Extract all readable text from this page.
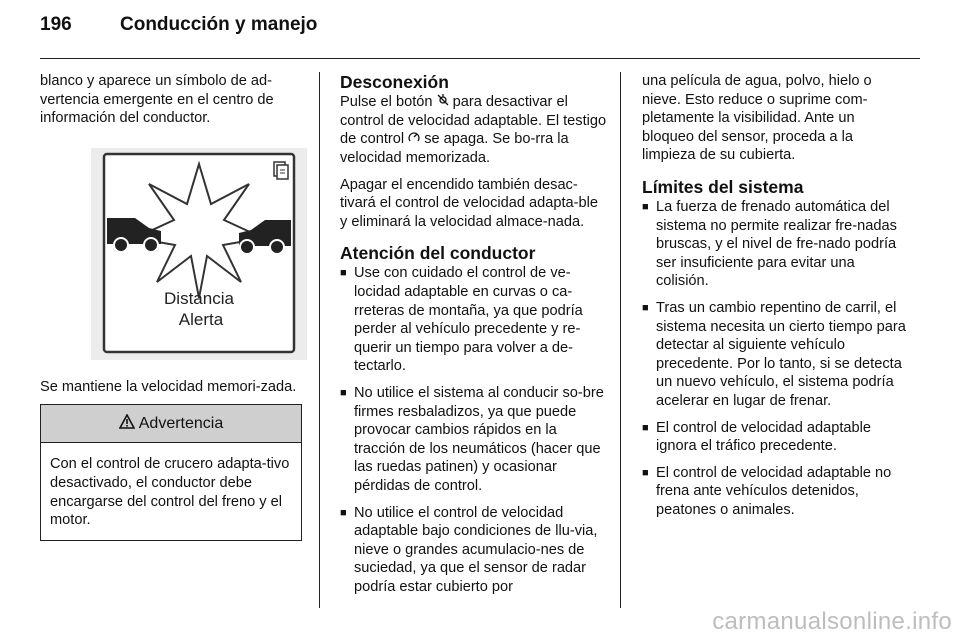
196	Conducción y manejo

blanco y aparece un símbolo de ad-vertencia emergente en el centro de información del conductor.

Distancia
Alerta

Se mantiene la velocidad memori-zada.

Advertencia
Con el control de crucero adapta-tivo desactivado, el conductor debe encargarse del control del freno y el motor.
Desconexión

Pulse el botón para desactivar el control de velocidad adaptable. El testigo de control se apaga. Se bo-rra la velocidad memorizada.

Apagar el encendido también desac-tivará el control de velocidad adapta-ble y eliminará la velocidad almace-nada.

Atención del conductor
■ Use con cuidado el control de ve-locidad adaptable en curvas o ca-rreteras de montaña, ya que podría perder al vehículo precedente y re-querir un tiempo para volver a de-tectarlo.
■ No utilice el sistema al conducir so-bre firmes resbaladizos, ya que puede provocar cambios rápidos en la tracción de los neumáticos (hacer que las ruedas patinen) y ocasionar pérdidas de control.
■ No utilice el control de velocidad adaptable bajo condiciones de llu-via, nieve o grandes acumulacio-nes de suciedad, ya que el sensor de radar podría estar cubierto por

una película de agua, polvo, hielo o nieve. Esto reduce o suprime com-pletamente la visibilidad. Ante un bloqueo del sensor, proceda a la limpieza de su cubierta.

Límites del sistema
■ La fuerza de frenado automática del sistema no permite realizar fre-nadas bruscas, y el nivel de fre-nado podría ser insuficiente para evitar una colisión.
■ Tras un cambio repentino de carril, el sistema necesita un cierto tiempo para detectar al siguiente vehículo precedente. Por lo tanto, si se detecta un nuevo vehículo, el sistema podría acelerar en lugar de frenar.
■ El control de velocidad adaptable ignora el tráfico precedente.
■ El control de velocidad adaptable no frena ante vehículos detenidos, peatones o animales.
carmanualsonline.info
